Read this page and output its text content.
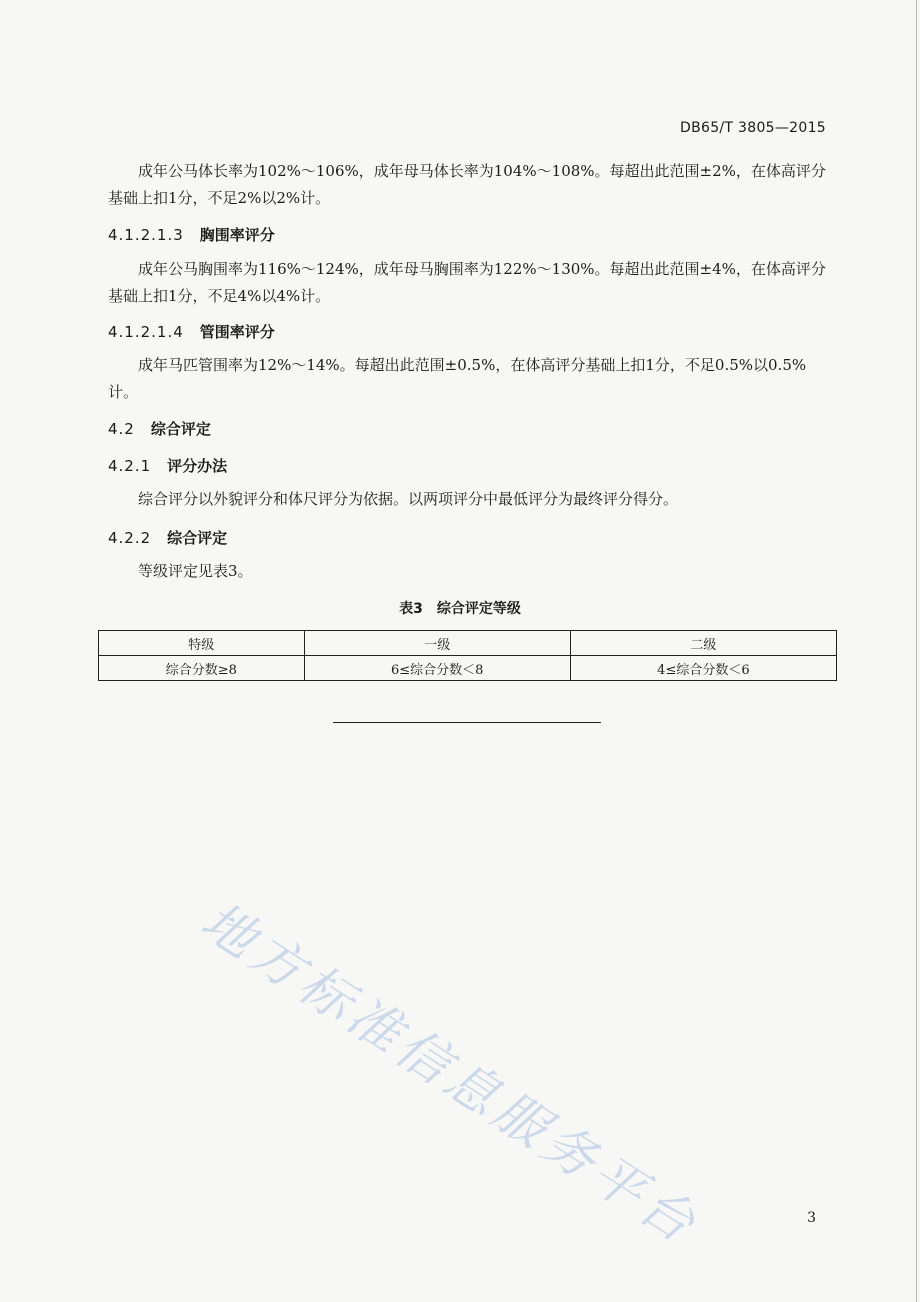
DB65/T 3805—2015
成年公马体长率为102%～106%，成年母马体长率为104%～108%。每超出此范围±2%，在体高评分基础上扣1分，不足2%以2%计。
4.1.2.1.3 胸围率评分
成年公马胸围率为116%～124%，成年母马胸围率为122%～130%。每超出此范围±4%，在体高评分基础上扣1分，不足4%以4%计。
4.1.2.1.4 管围率评分
成年马匹管围率为12%～14%。每超出此范围±0.5%，在体高评分基础上扣1分，不足0.5%以0.5%计。
4.2 综合评定
4.2.1 评分办法
综合评分以外貌评分和体尺评分为依据。以两项评分中最低评分为最终评分得分。
4.2.2 综合评定
等级评定见表3。
表3　综合评定等级
特级	一级	二级
综合分数≥8	6≤综合分数＜8	4≤综合分数＜6
地方标准信息服务平台	3
